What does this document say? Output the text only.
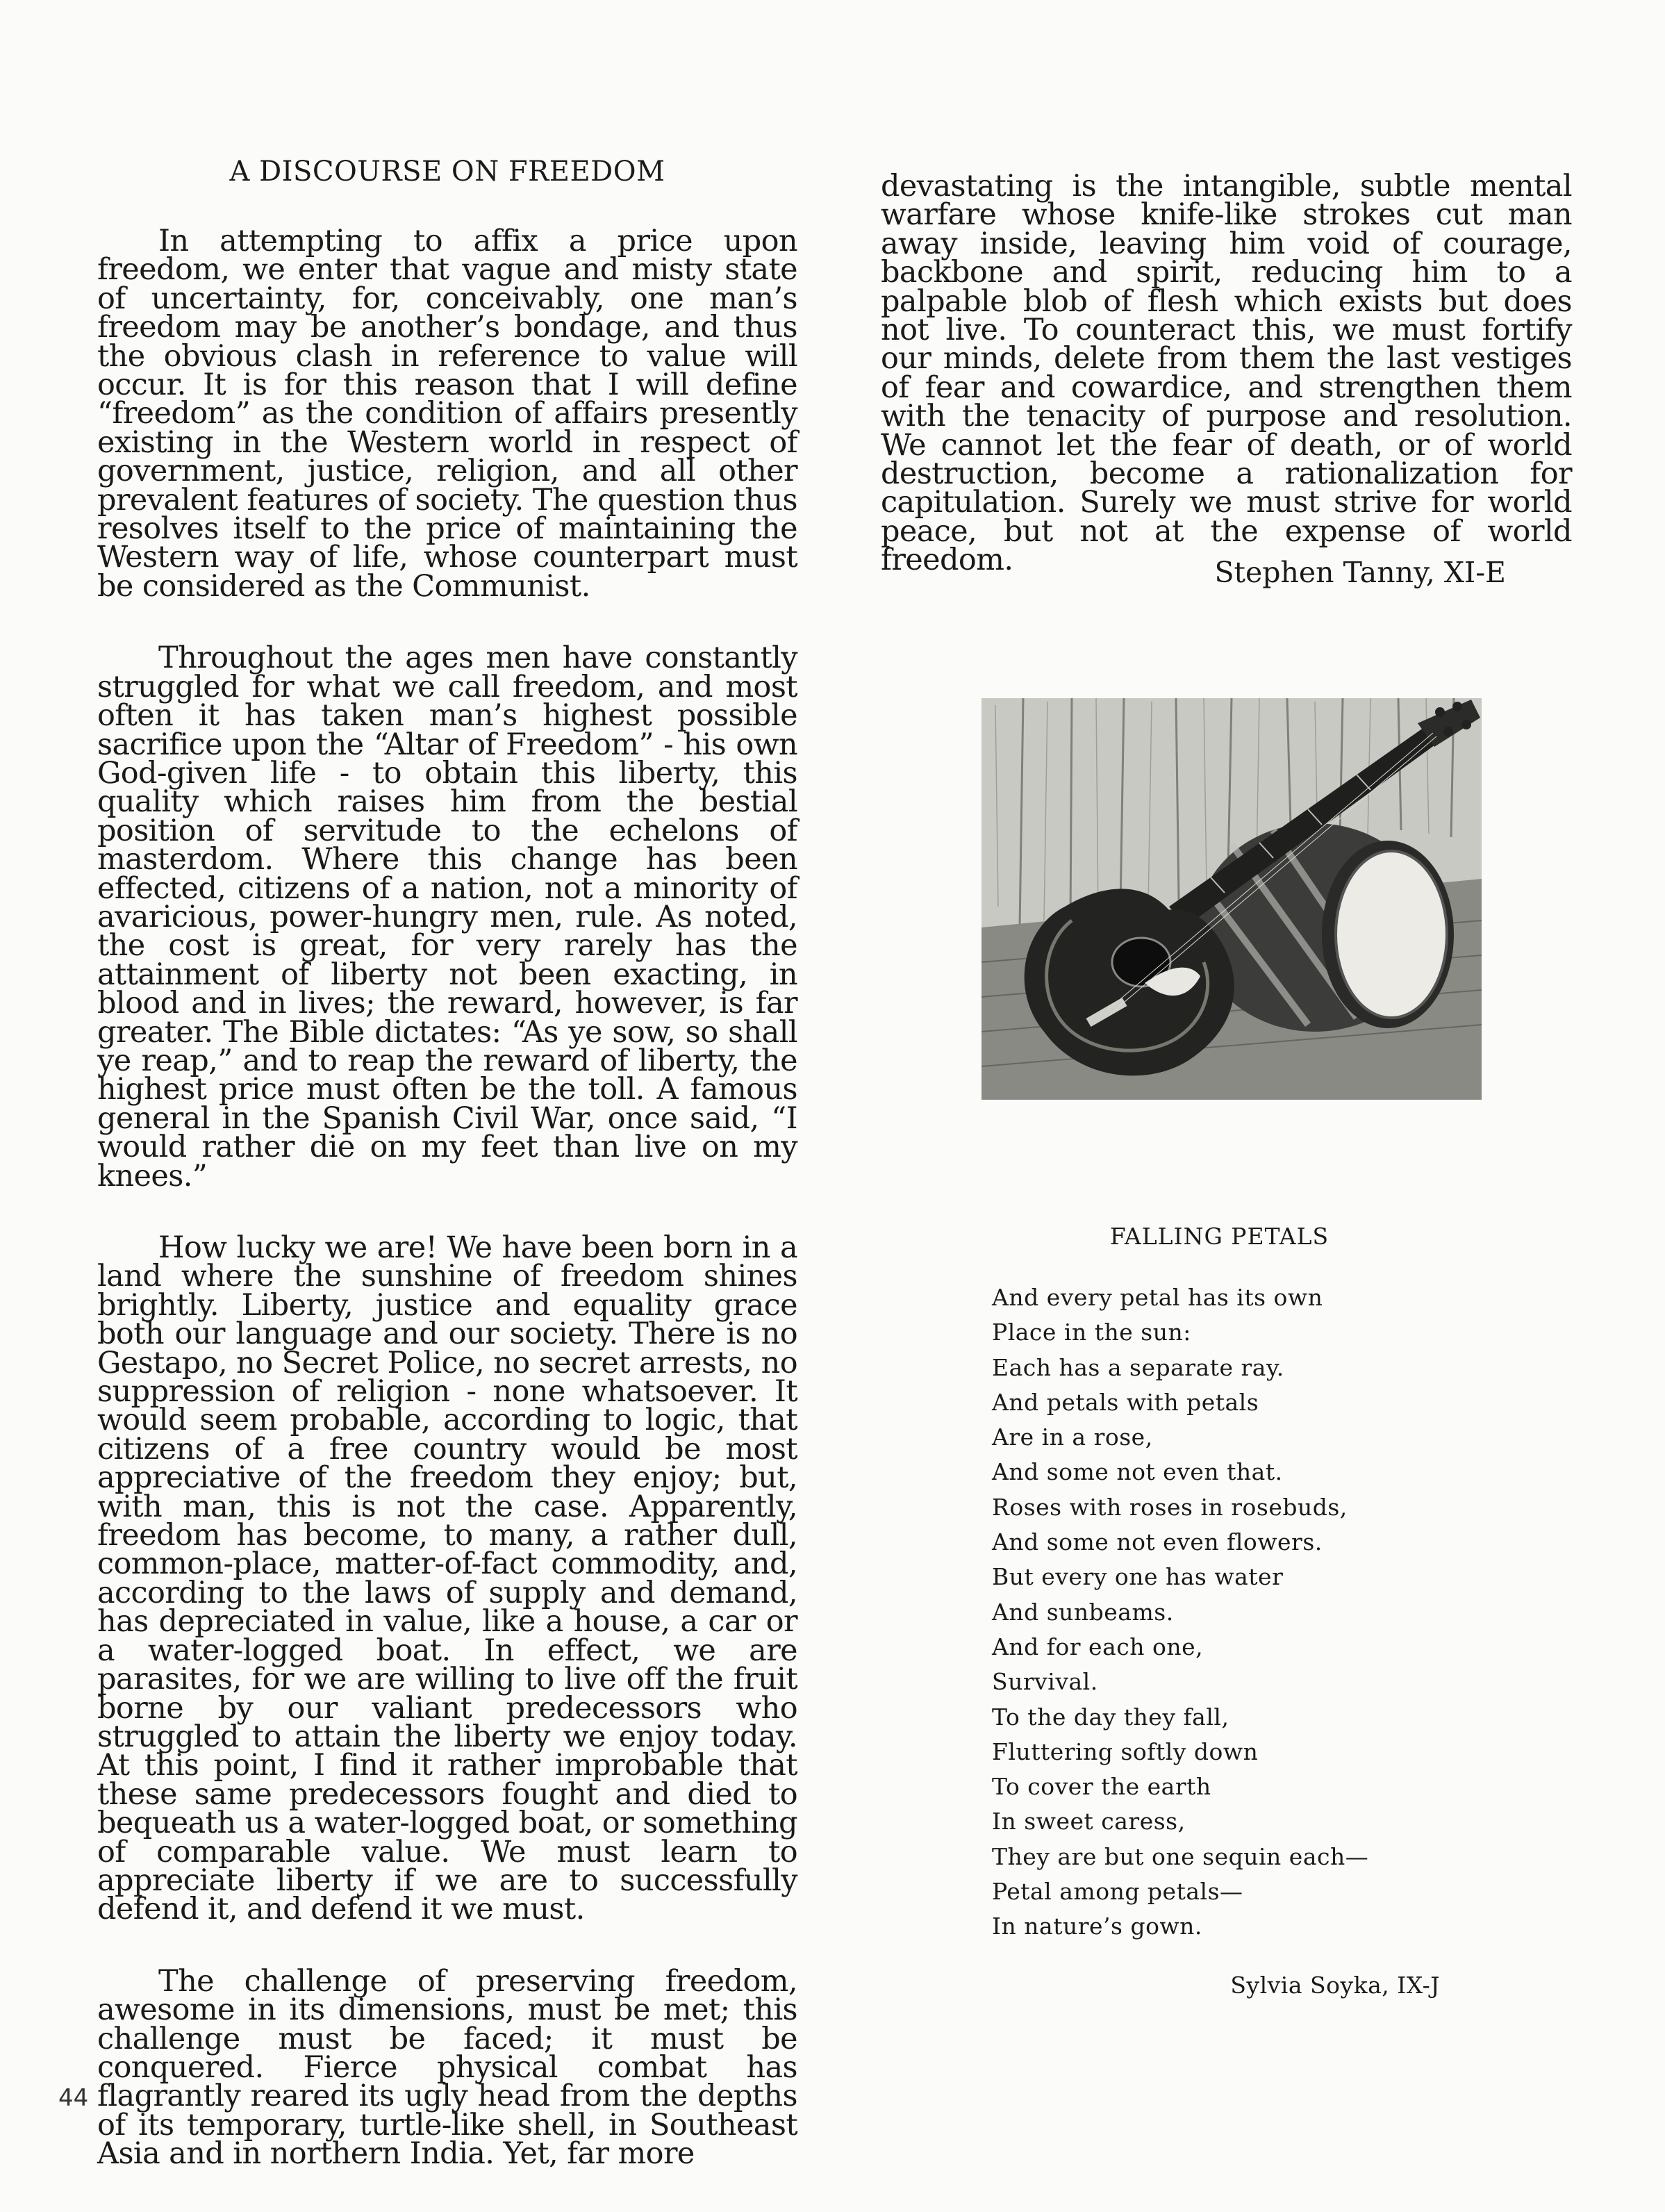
A DISCOURSE ON FREEDOM

In attempting to affix a price upon freedom, we enter that vague and misty state of uncertainty, for, conceivably, one man’s freedom may be another’s bondage, and thus the obvious clash in reference to value will occur. It is for this reason that I will define “freedom” as the condition of affairs presently existing in the Western world in respect of government, justice, religion, and all other prevalent features of society. The question thus resolves itself to the price of maintaining the Western way of life, whose counterpart must be considered as the Communist.

Throughout the ages men have constantly struggled for what we call freedom, and most often it has taken man’s highest possible sacrifice upon the “Altar of Freedom” - his own God-given life - to obtain this liberty, this quality which raises him from the bestial position of servitude to the echelons of masterdom. Where this change has been effected, citizens of a nation, not a minority of avaricious, power-hungry men, rule. As noted, the cost is great, for very rarely has the attainment of liberty not been exacting, in blood and in lives; the reward, however, is far greater. The Bible dictates: “As ye sow, so shall ye reap,” and to reap the reward of liberty, the highest price must often be the toll. A famous general in the Spanish Civil War, once said, “I would rather die on my feet than live on my knees.”

How lucky we are! We have been born in a land where the sunshine of freedom shines brightly. Liberty, justice and equality grace both our language and our society. There is no Gestapo, no Secret Police, no secret arrests, no suppression of religion - none whatsoever. It would seem probable, according to logic, that citizens of a free country would be most appreciative of the freedom they enjoy; but, with man, this is not the case. Apparently, freedom has become, to many, a rather dull, common-place, matter-of-fact commodity, and, according to the laws of supply and demand, has depreciated in value, like a house, a car or a water-logged boat. In effect, we are parasites, for we are willing to live off the fruit borne by our valiant predecessors who struggled to attain the liberty we enjoy today. At this point, I find it rather improbable that these same predecessors fought and died to bequeath us a water-logged boat, or something of comparable value. We must learn to appreciate liberty if we are to successfully defend it, and defend it we must.

The challenge of preserving freedom, awesome in its dimensions, must be met; this challenge must be faced; it must be conquered. Fierce physical combat has flagrantly reared its ugly head from the depths of its temporary, turtle-like shell, in Southeast Asia and in northern India. Yet, far more

devastating is the intangible, subtle mental warfare whose knife-like strokes cut man away inside, leaving him void of courage, backbone and spirit, reducing him to a palpable blob of flesh which exists but does not live. To counteract this, we must fortify our minds, delete from them the last vestiges of fear and cowardice, and strengthen them with the tenacity of purpose and resolution. We cannot let the fear of death, or of world destruction, become a rationalization for capitulation. Surely we must strive for world peace, but not at the expense of world freedom.	Stephen Tanny, XI-E
FALLING PETALS
And every petal has its own
Place in the sun:
Each has a separate ray.
And petals with petals
Are in a rose,
And some not even that.
Roses with roses in rosebuds,
And some not even flowers.
But every one has water
And sunbeams.
And for each one,
Survival.
To the day they fall,
Fluttering softly down
To cover the earth
In sweet caress,
They are but one sequin each—
Petal among petals—
In nature’s gown.
Sylvia Soyka, IX-J
44
